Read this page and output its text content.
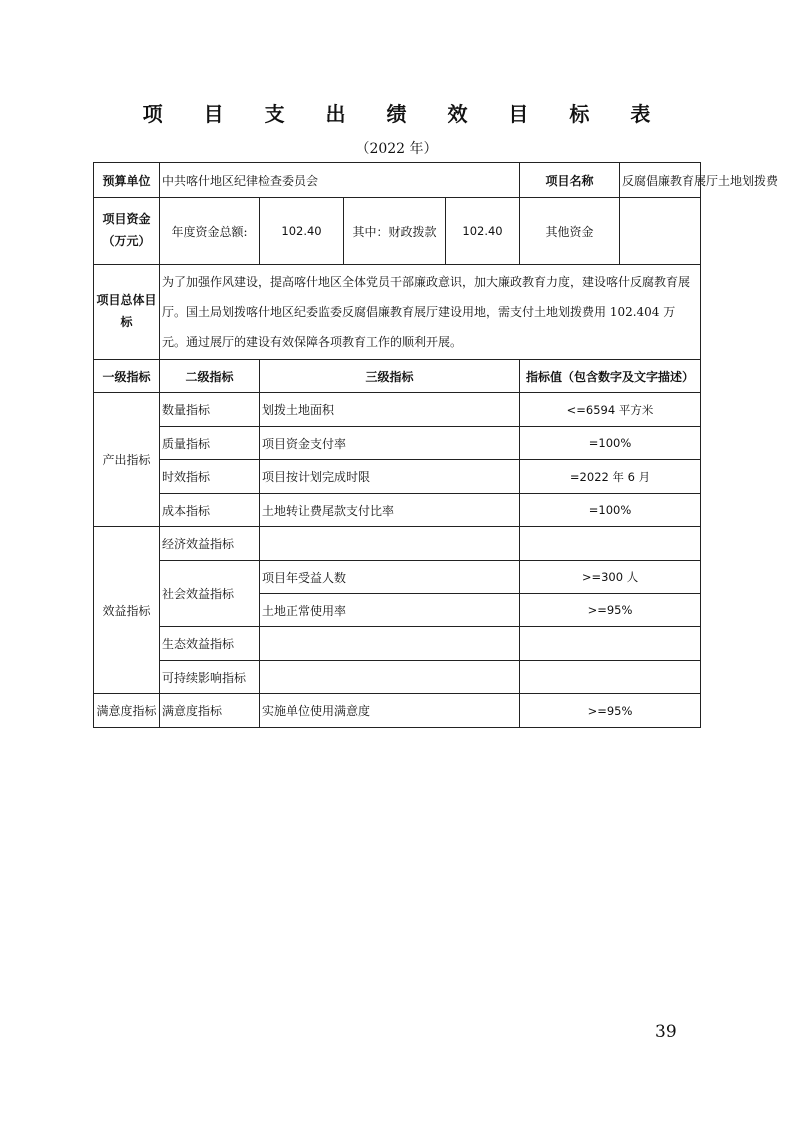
项 目 支 出 绩 效 目 标 表
（2022 年）
预算单位	中共喀什地区纪律检查委员会				项目名称	反腐倡廉教育展厅土地划拨费

项目资金
（万元）	年度资金总额:	102.40	其中：财政拨款	102.40	其他资金	

项目总体目
标	为了加强作风建设，提高喀什地区全体党员干部廉政意识，加大廉政教育力度，建设喀什反腐教育展厅。国土局划拨喀什地区纪委监委反腐倡廉教育展厅建设用地，需支付土地划拨费用 102.404 万元。通过展厅的建设有效保障各项教育工作的顺利开展。					
一级指标	二级指标	三级指标			指标值（包含数字及文字描述）	
产出指标	数量指标	划拨土地面积			<=6594 平方米	
	质量指标	项目资金支付率			=100%	
	时效指标	项目按计划完成时限			=2022 年 6 月	
	成本指标	土地转让费尾款支付比率			=100%	
效益指标	经济效益指标					
	社会效益指标	项目年受益人数			>=300 人	
		土地正常使用率			>=95%	
	生态效益指标					
	可持续影响指标					
满意度指标	满意度指标	实施单位使用满意度			>=95%	
39
